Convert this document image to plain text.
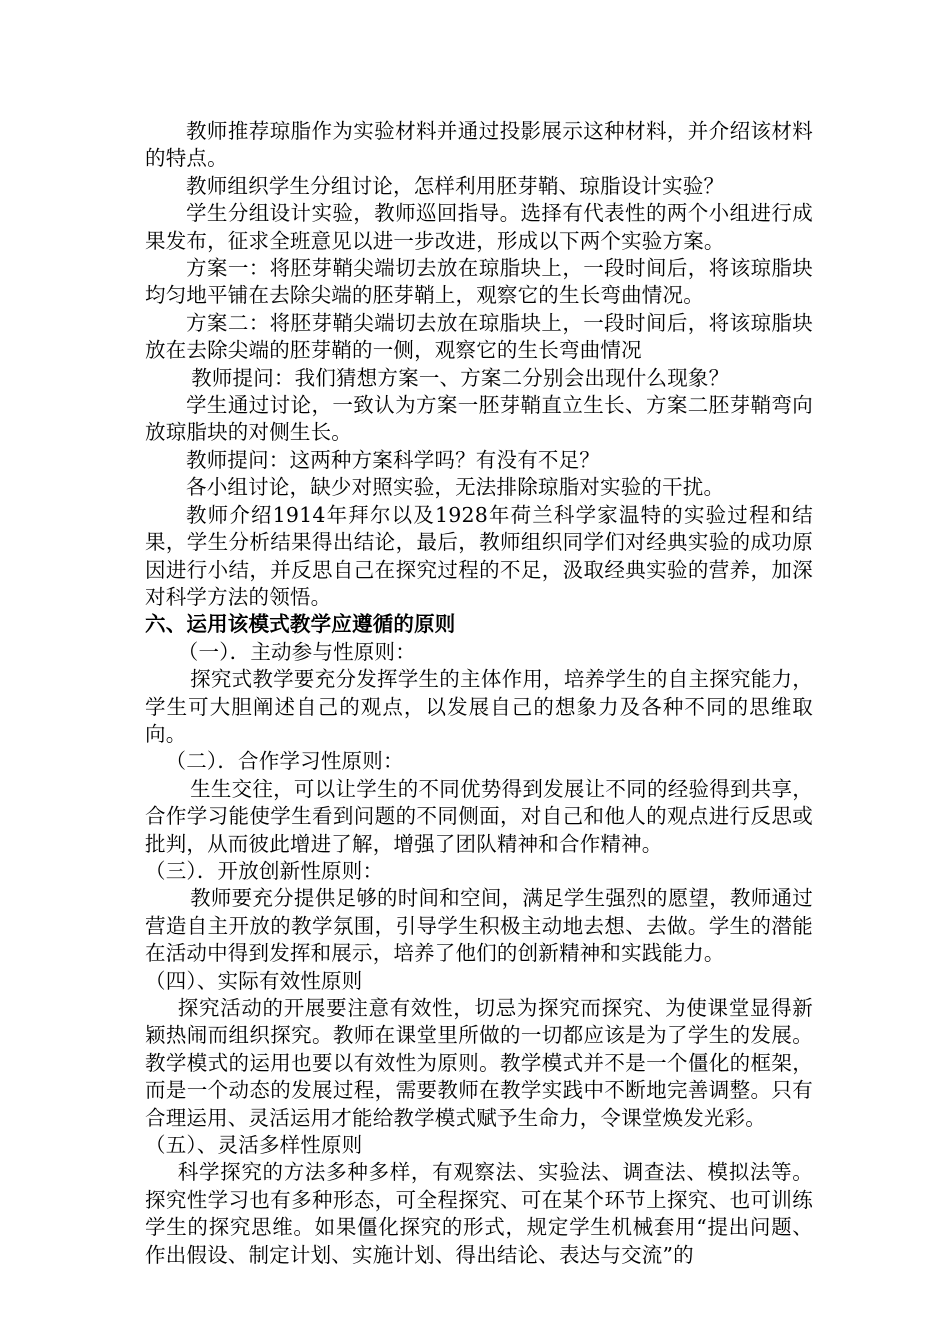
教师推荐琼脂作为实验材料并通过投影展示这种材料，并介绍该材料的特点。

教师组织学生分组讨论，怎样利用胚芽鞘、琼脂设计实验？

学生分组设计实验，教师巡回指导。选择有代表性的两个小组进行成果发布，征求全班意见以进一步改进，形成以下两个实验方案。

方案一：将胚芽鞘尖端切去放在琼脂块上，一段时间后，将该琼脂块均匀地平铺在去除尖端的胚芽鞘上，观察它的生长弯曲情况。

方案二：将胚芽鞘尖端切去放在琼脂块上，一段时间后，将该琼脂块放在去除尖端的胚芽鞘的一侧，观察它的生长弯曲情况

教师提问：我们猜想方案一、方案二分别会出现什么现象？

学生通过讨论，一致认为方案一胚芽鞘直立生长、方案二胚芽鞘弯向放琼脂块的对侧生长。

教师提问：这两种方案科学吗？有没有不足？

各小组讨论，缺少对照实验，无法排除琼脂对实验的干扰。

教师介绍1914年拜尔以及1928年荷兰科学家温特的实验过程和结果，学生分析结果得出结论，最后，教师组织同学们对经典实验的成功原因进行小结，并反思自己在探究过程的不足，汲取经典实验的营养，加深对科学方法的领悟。

六、运用该模式教学应遵循的原则

（一）．主动参与性原则：

探究式教学要充分发挥学生的主体作用，培养学生的自主探究能力，学生可大胆阐述自己的观点，以发展自己的想象力及各种不同的思维取向。

（二）．合作学习性原则：

生生交往，可以让学生的不同优势得到发展让不同的经验得到共享，合作学习能使学生看到问题的不同侧面，对自己和他人的观点进行反思或批判，从而彼此增进了解，增强了团队精神和合作精神。

（三）．开放创新性原则：

教师要充分提供足够的时间和空间，满足学生强烈的愿望，教师通过营造自主开放的教学氛围，引导学生积极主动地去想、去做。学生的潜能在活动中得到发挥和展示，培养了他们的创新精神和实践能力。

（四）、实际有效性原则

探究活动的开展要注意有效性，切忌为探究而探究、为使课堂显得新颖热闹而组织探究。教师在课堂里所做的一切都应该是为了学生的发展。教学模式的运用也要以有效性为原则。教学模式并不是一个僵化的框架，而是一个动态的发展过程，需要教师在教学实践中不断地完善调整。只有合理运用、灵活运用才能给教学模式赋予生命力，令课堂焕发光彩。

（五）、灵活多样性原则

科学探究的方法多种多样，有观察法、实验法、调查法、模拟法等。探究性学习也有多种形态，可全程探究、可在某个环节上探究、也可训练学生的探究思维。如果僵化探究的形式，规定学生机械套用“提出问题、作出假设、制定计划、实施计划、得出结论、表达与交流”的
